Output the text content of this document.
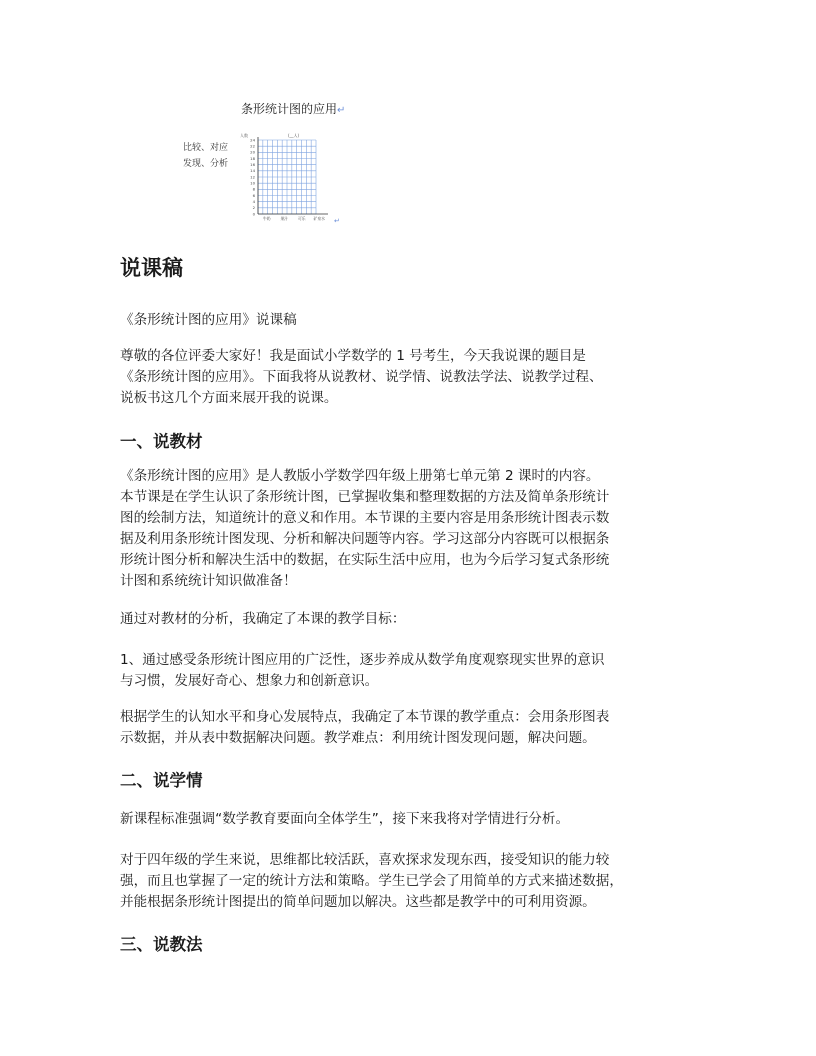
条形统计图的应用↵
比较、对应
发现、分析
24
22
20
18
16
14
12
10
8
6
4
2
0
牛奶	果汁	可乐 矿泉水
人数	(__人)
↵
说课稿

《条形统计图的应用》说课稿

尊敬的各位评委大家好！我是面试小学数学的 1 号考生，今天我说课的题目是
《条形统计图的应用》。下面我将从说教材、说学情、说教法学法、说教学过程、
说板书这几个方面来展开我的说课。

一、说教材

《条形统计图的应用》是人教版小学数学四年级上册第七单元第 2 课时的内容。
本节课是在学生认识了条形统计图，已掌握收集和整理数据的方法及简单条形统计
图的绘制方法，知道统计的意义和作用。本节课的主要内容是用条形统计图表示数
据及利用条形统计图发现、分析和解决问题等内容。学习这部分内容既可以根据条
形统计图分析和解决生活中的数据，在实际生活中应用，也为今后学习复式条形统
计图和系统统计知识做准备！

通过对教材的分析，我确定了本课的教学目标：

1、通过感受条形统计图应用的广泛性，逐步养成从数学角度观察现实世界的意识
与习惯，发展好奇心、想象力和创新意识。

根据学生的认知水平和身心发展特点，我确定了本节课的教学重点：会用条形图表
示数据，并从表中数据解决问题。教学难点：利用统计图发现问题，解决问题。

二、说学情

新课程标准强调“数学教育要面向全体学生”，接下来我将对学情进行分析。

对于四年级的学生来说，思维都比较活跃，喜欢探求发现东西，接受知识的能力较
强，而且也掌握了一定的统计方法和策略。学生已学会了用简单的方式来描述数据，
并能根据条形统计图提出的简单问题加以解决。这些都是教学中的可利用资源。

三、说教法
